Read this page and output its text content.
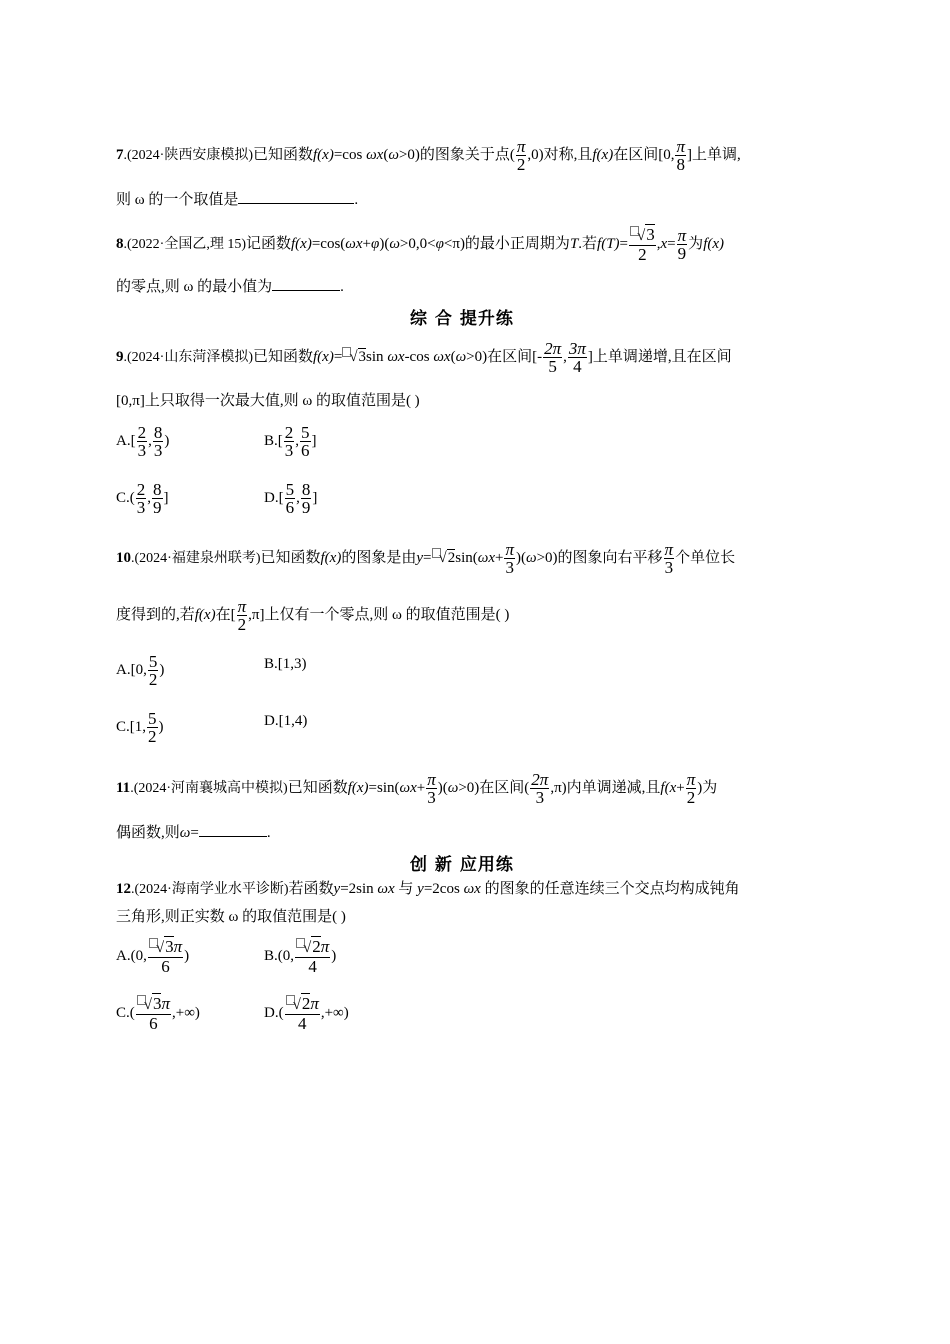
7.(2024·陕西安康模拟)已知函数f(x)=cos ωx(ω>0)的图象关于点( $\frac{\pi}{2} ,0$)对称,且f(x)在区间[0, $\frac{\pi}{8}$ ]上单调,
则 ω 的一个取值是	.
8.(2022·全国乙,理 15)记函数f(x)=cos(ωx+φ)(ω>0,0<φ<π)的最小正周期为T.若$f(T)= \frac{√3}{2} ,x= \frac{\pi}{9}$ 为f(x)
的零点,则 ω 的最小值为	.
综 合 提升练
9.(2024·山东菏泽模拟)已知函数f(x)= √3sin ωx-cos ωx(ω>0)在区间[- $\frac{2\pi}{5}$ , $\frac{3\pi}{4}$ ]上单调递增,且在区间
[0,π]上只取得一次最大值,则 ω 的取值范围是( )
$A.[ \frac{2}{3}$ , $\frac{8}{3}$ )	$B.[ \frac{2}{3}$ , $\frac{5}{6}$ ]
$C.( \frac{2}{3}$ , $\frac{8}{9}$ ]	$D.[ \frac{5}{6}$ , $\frac{8}{9}$ ]
10.(2024·福建泉州联考)已知函数f(x)的图象是由$y= √2\sin(\omega x+ \frac{\pi}{3} )(\omega>0)$的图象向右平移 $\frac{\pi}{3}$ 个单位长
度得到的,若f(x)在[ $\frac{\pi}{2} ,\pi$]上仅有一个零点,则 ω 的取值范围是( )
A.[0, $\frac{5}{2}$ )	B.[1,3)
C.[1, $\frac{5}{2}$ )	D.[1,4)
11.(2024·河南襄城高中模拟)已知函数$f(x)=\sin(\omega x+ \frac{\pi}{3} )(\omega>0)$在区间( $\frac{2\pi}{3} ,\pi$)内单调递减,且$f(x+ \frac{\pi}{2}$ )为
偶函数,则ω=	.
创 新 应用练
12.(2024·海南学业水平诊断)若函数y=2sin ωx 与 y=2cos ωx 的图象的任意连续三个交点均构成钝角
三角形,则正实数 ω 的取值范围是( )
A.(0, $\frac{√3\pi}{6}$ )	B.(0, $\frac{√2\pi}{4}$ )
$C.( \frac{√3\pi}{6}$ ,+∞)	$D.( \frac{√2\pi}{4}$ ,+∞)
